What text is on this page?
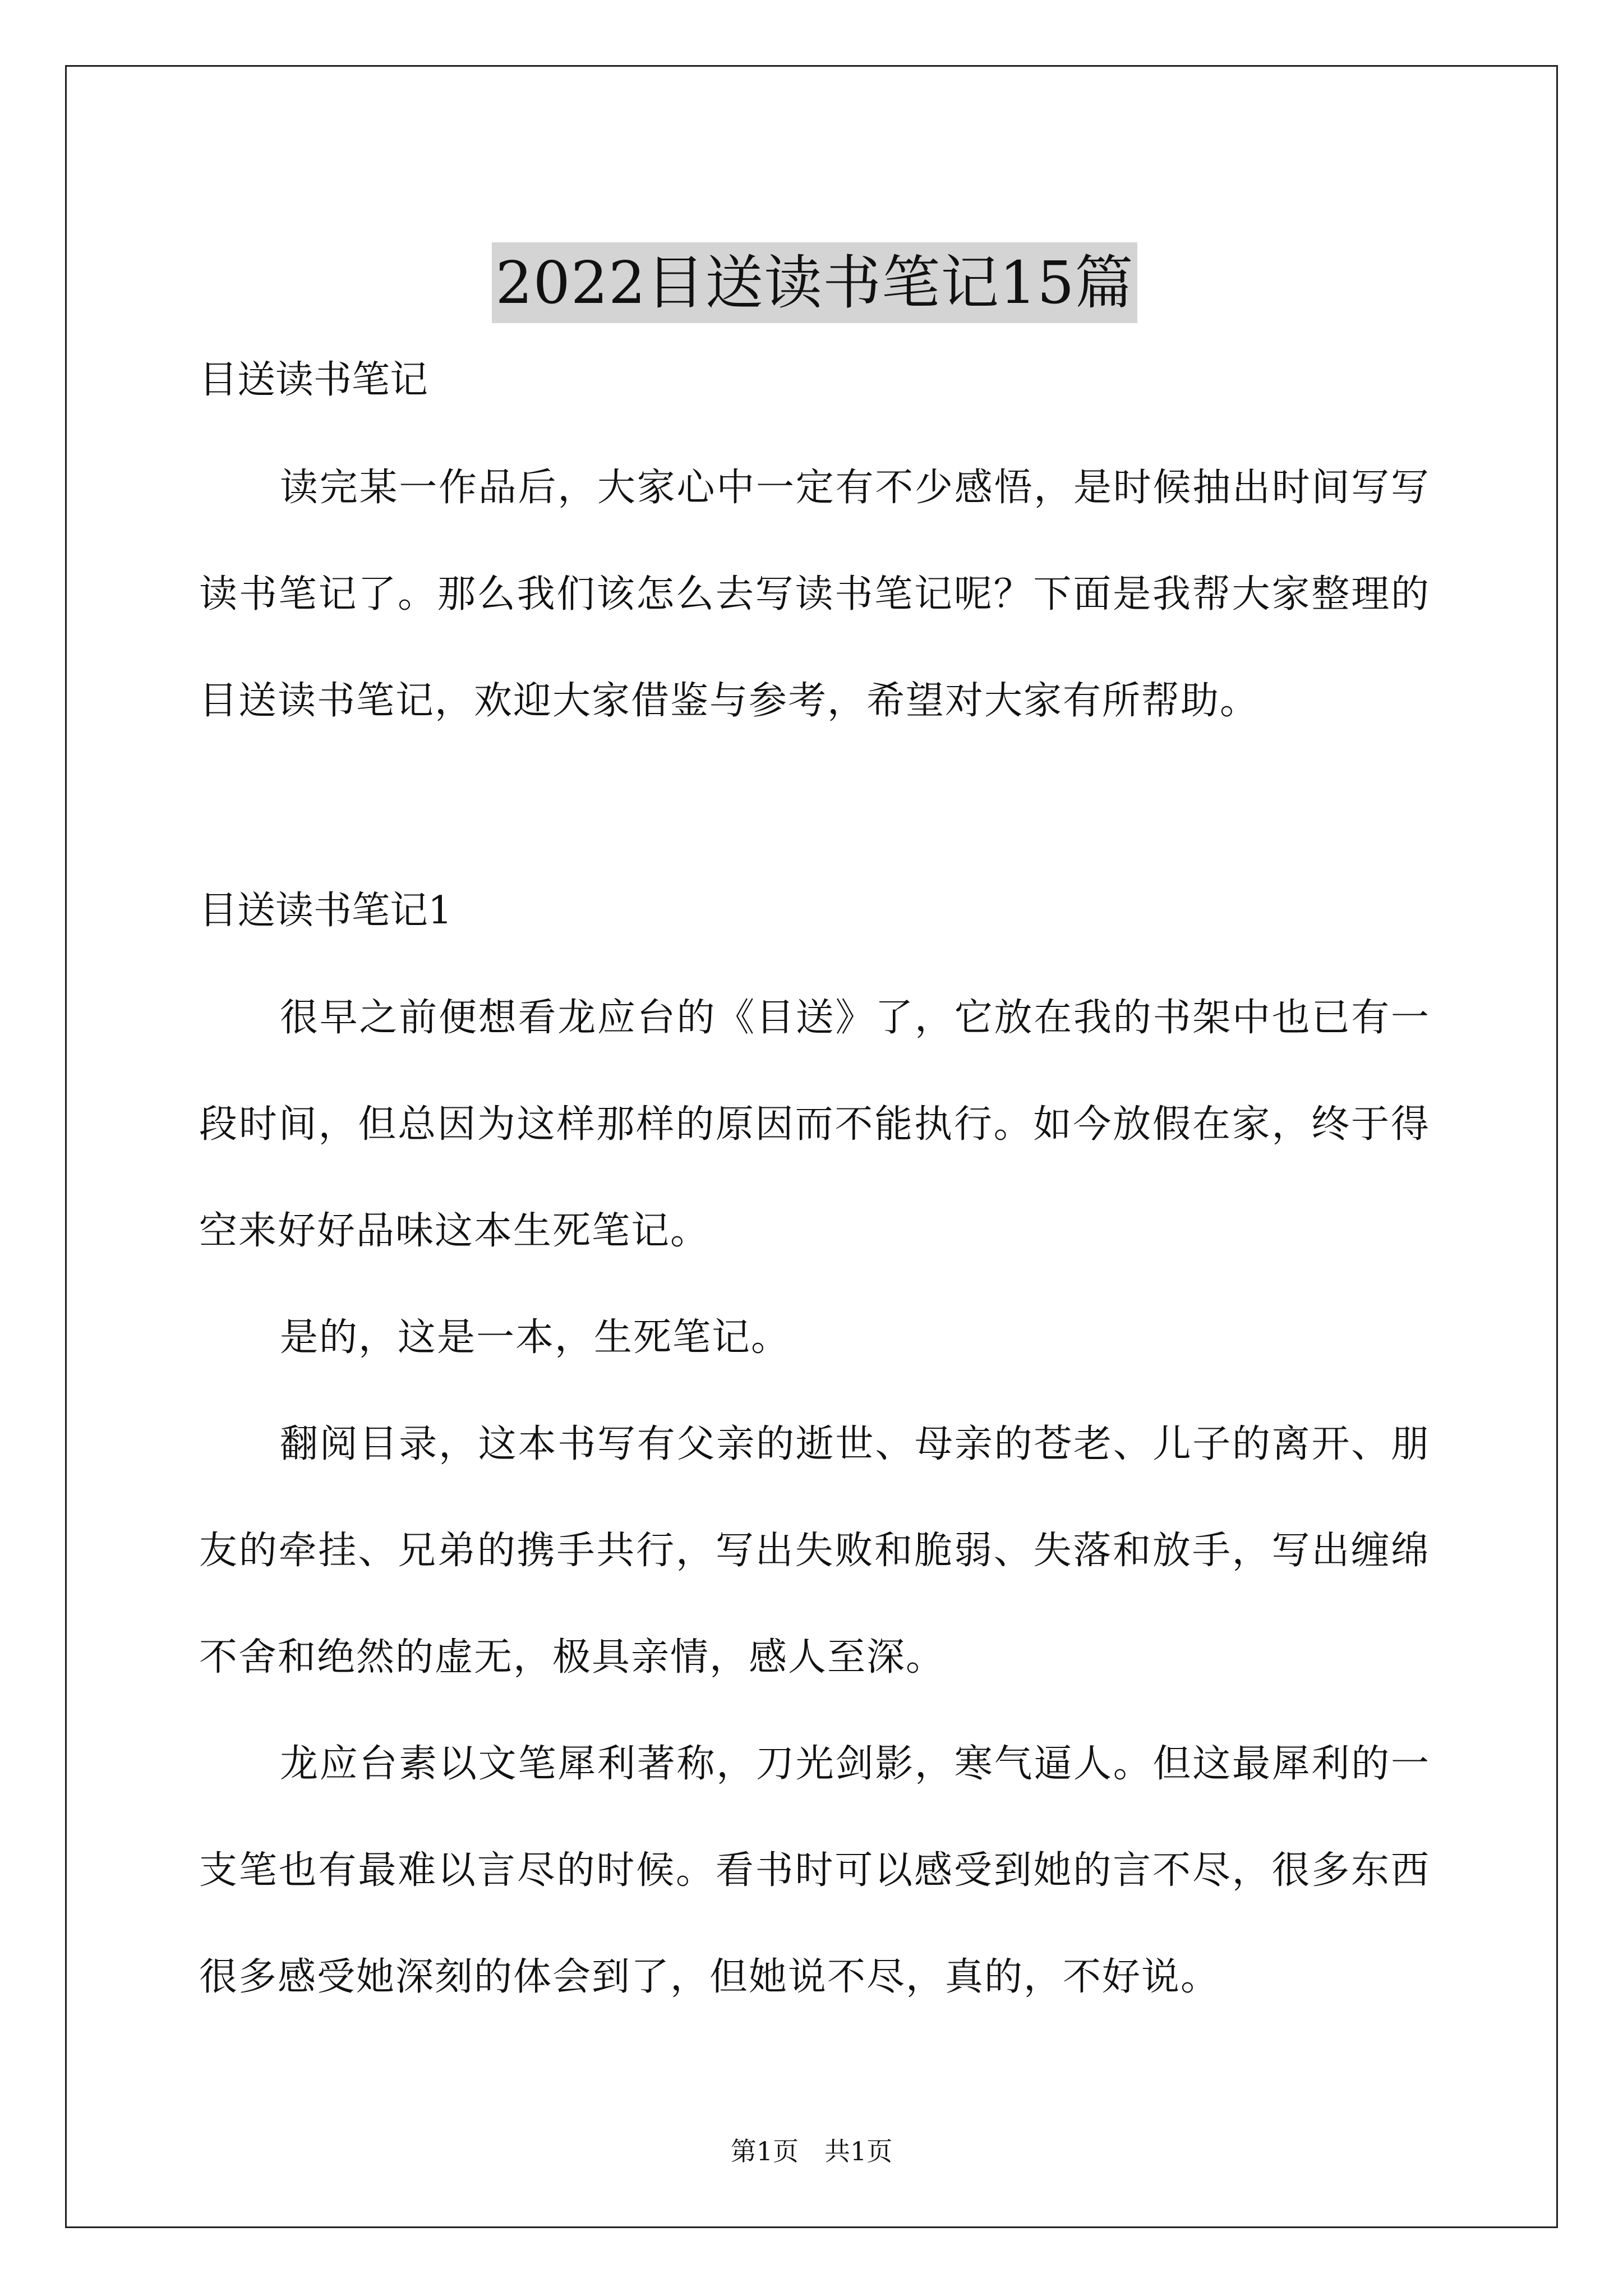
2022目送读书笔记15篇
目送读书笔记

读完某一作品后，大家心中一定有不少感悟，是时候抽出时间写写读书笔记了。那么我们该怎么去写读书笔记呢？下面是我帮大家整理的目送读书笔记，欢迎大家借鉴与参考，希望对大家有所帮助。

目送读书笔记1

很早之前便想看龙应台的《目送》了，它放在我的书架中也已有一段时间，但总因为这样那样的原因而不能执行。如今放假在家，终于得空来好好品味这本生死笔记。

是的，这是一本，生死笔记。

翻阅目录，这本书写有父亲的逝世、母亲的苍老、儿子的离开、朋友的牵挂、兄弟的携手共行，写出失败和脆弱、失落和放手，写出缠绵不舍和绝然的虚无，极具亲情，感人至深。

龙应台素以文笔犀利著称，刀光剑影，寒气逼人。但这最犀利的一支笔也有最难以言尽的时候。看书时可以感受到她的言不尽，很多东西很多感受她深刻的体会到了，但她说不尽，真的，不好说。

第1页　共1页
